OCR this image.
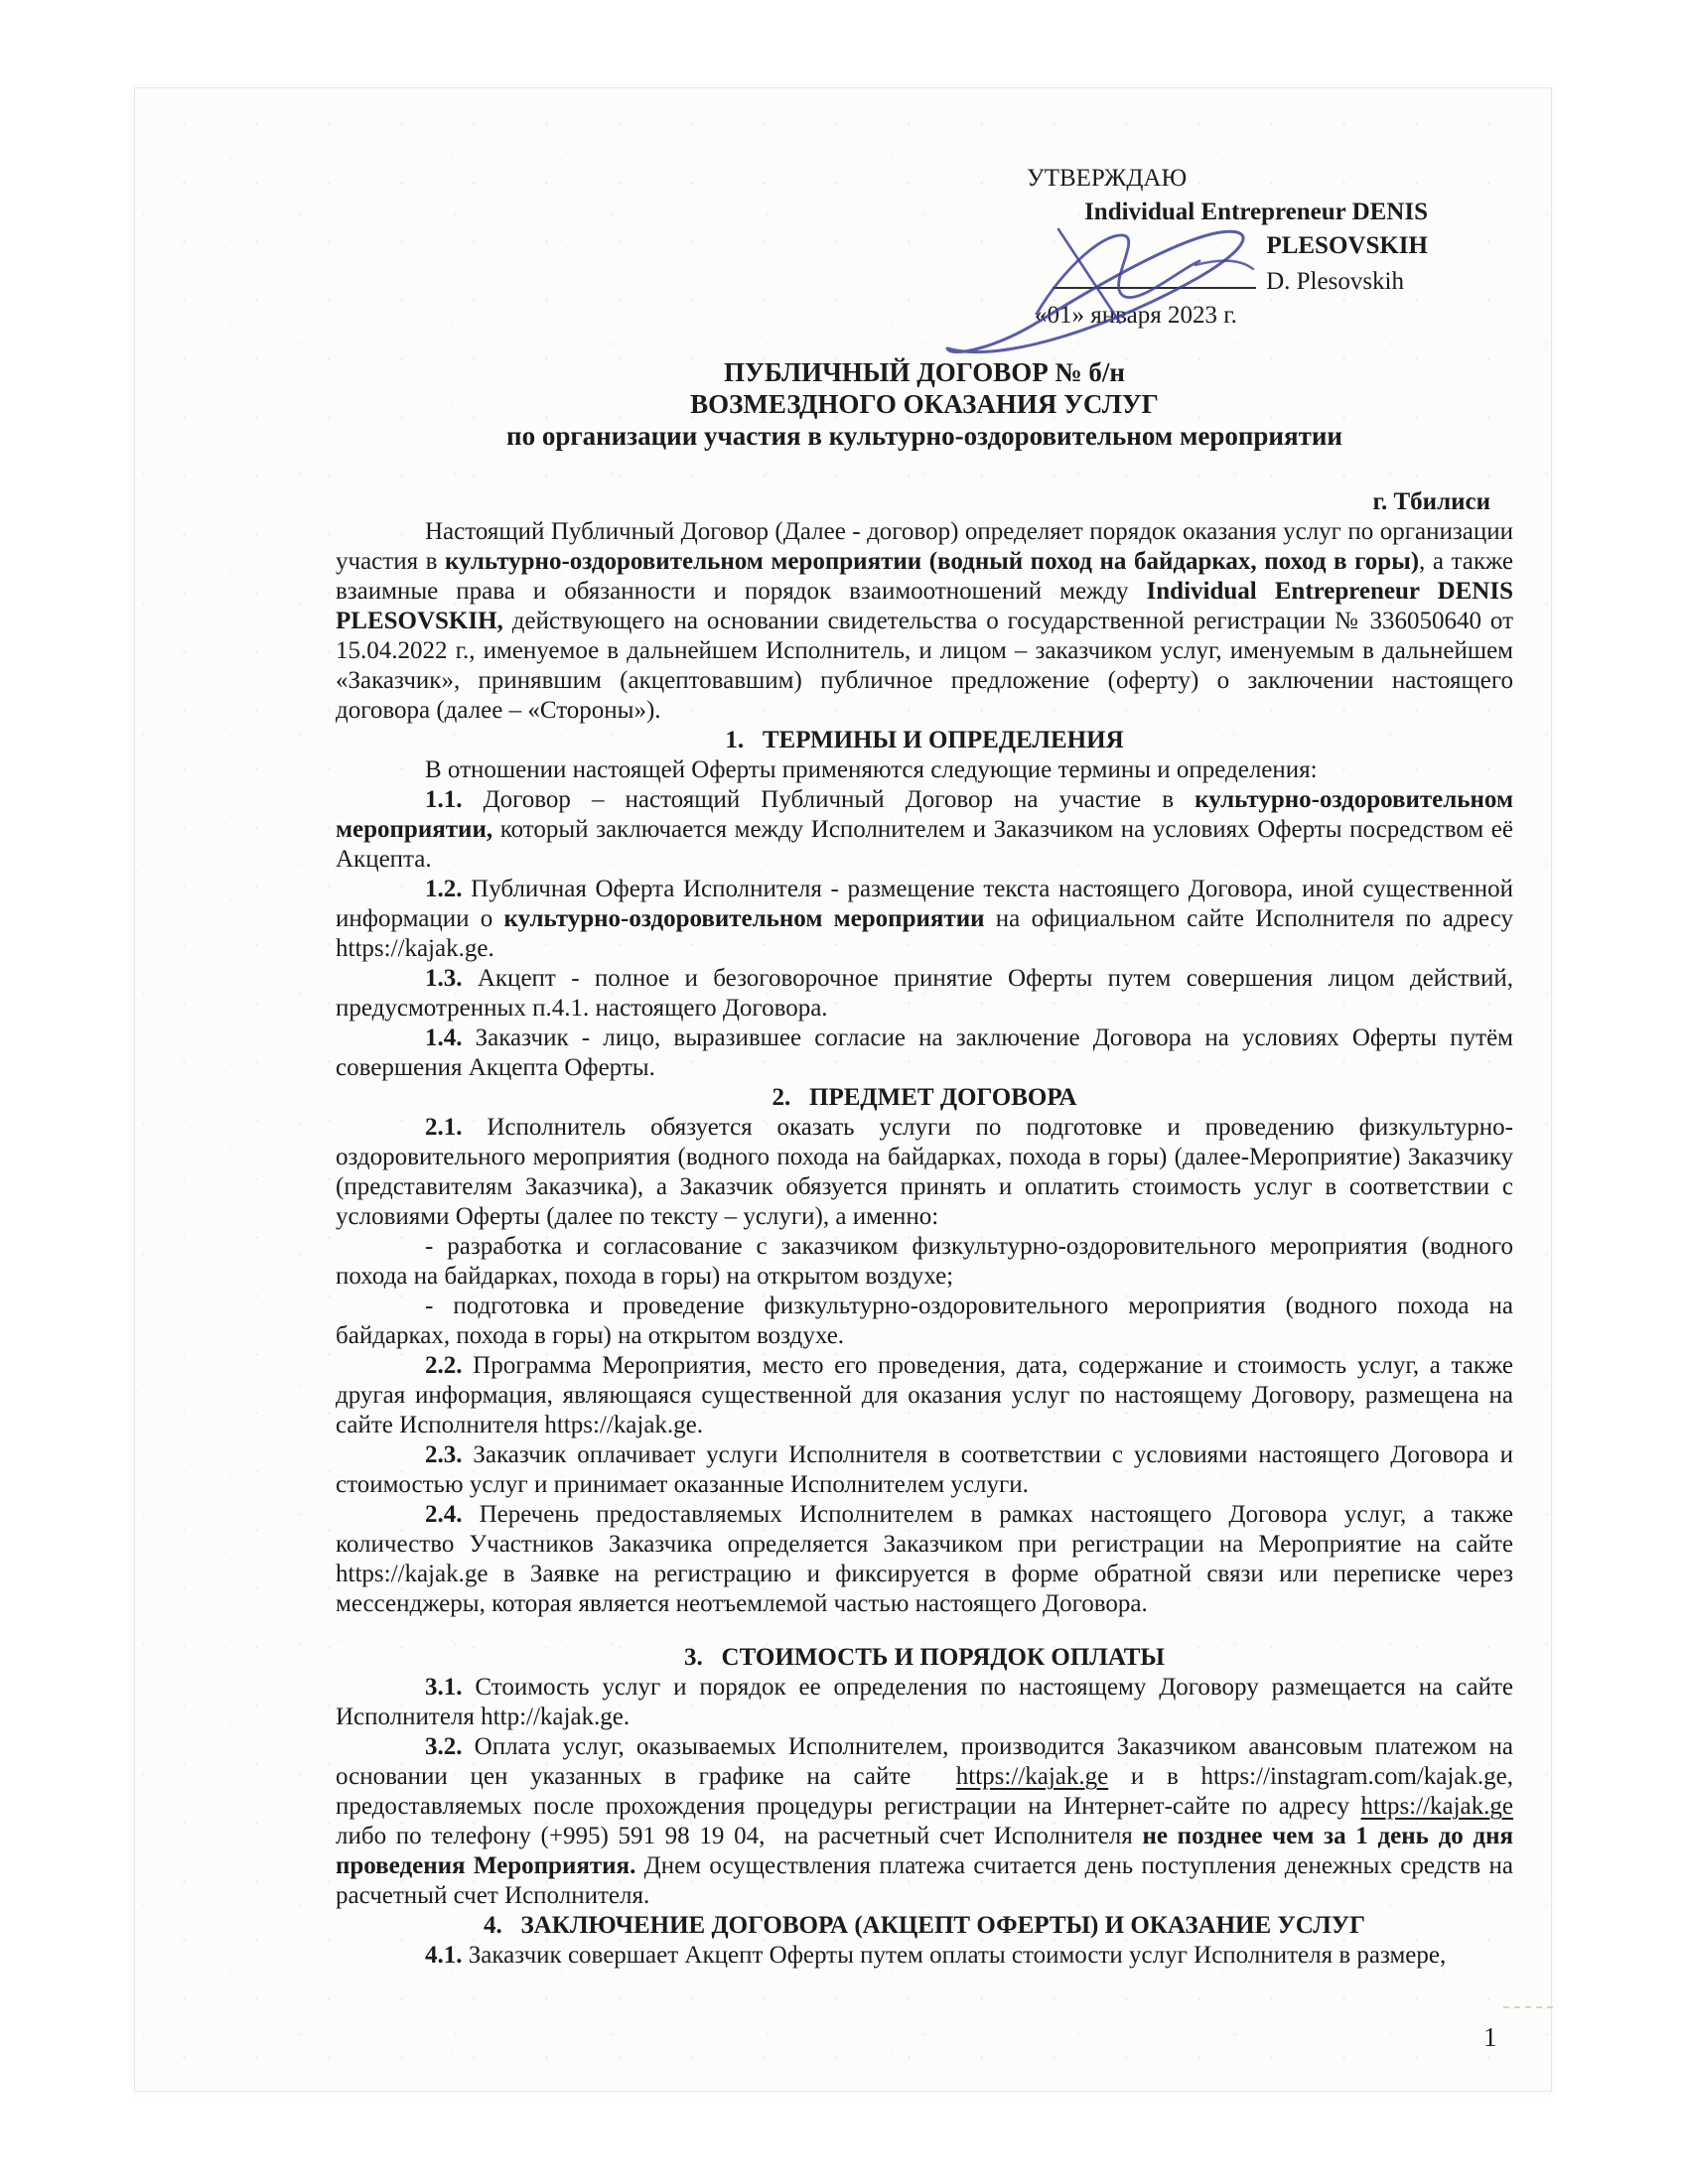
УТВЕРЖДАЮ
Individual Entrepreneur DENIS
PLESOVSKIH
D. Plesovskih
«01» января 2023 г.
ПУБЛИЧНЫЙ ДОГОВОР № б/н
ВОЗМЕЗДНОГО ОКАЗАНИЯ УСЛУГ
по организации участия в культурно-оздоровительном мероприятии
г. Тбилиси
Настоящий Публичный Договор (Далее - договор) определяет порядок оказания услуг по организации участия в культурно-оздоровительном мероприятии (водный поход на байдарках, поход в горы), а также взаимные права и обязанности и порядок взаимоотношений между Individual Entrepreneur DENIS PLESOVSKIH, действующего на основании свидетельства о государственной регистрации № 336050640 от 15.04.2022 г., именуемое в дальнейшем Исполнитель, и лицом – заказчиком услуг, именуемым в дальнейшем «Заказчик», принявшим (акцептовавшим) публичное предложение (оферту) о заключении настоящего договора (далее – «Стороны»).
1.   ТЕРМИНЫ И ОПРЕДЕЛЕНИЯ
В отношении настоящей Оферты применяются следующие термины и определения:
1.1. Договор – настоящий Публичный Договор на участие в культурно-оздоровительном мероприятии, который заключается между Исполнителем и Заказчиком на условиях Оферты посредством её Акцепта.
1.2. Публичная Оферта Исполнителя - размещение текста настоящего Договора, иной существенной информации о культурно-оздоровительном мероприятии на официальном сайте Исполнителя по адресу https://kajak.ge.
1.3. Акцепт - полное и безоговорочное принятие Оферты путем совершения лицом действий, предусмотренных п.4.1. настоящего Договора.
1.4. Заказчик - лицо, выразившее согласие на заключение Договора на условиях Оферты путём совершения Акцепта Оферты.
2.   ПРЕДМЕТ ДОГОВОРА
2.1. Исполнитель обязуется оказать услуги по подготовке и проведению физкультурно-оздоровительного мероприятия (водного похода на байдарках, похода в горы) (далее-Мероприятие) Заказчику (представителям Заказчика), а Заказчик обязуется принять и оплатить стоимость услуг в соответствии с условиями Оферты (далее по тексту – услуги), а именно:
- разработка и согласование с заказчиком физкультурно-оздоровительного мероприятия (водного похода на байдарках, похода в горы) на открытом воздухе;
- подготовка и проведение физкультурно-оздоровительного мероприятия (водного похода на байдарках, похода в горы) на открытом воздухе.
2.2. Программа Мероприятия, место его проведения, дата, содержание и стоимость услуг, а также другая информация, являющаяся существенной для оказания услуг по настоящему Договору, размещена на сайте Исполнителя https://kajak.ge.
2.3. Заказчик оплачивает услуги Исполнителя в соответствии с условиями настоящего Договора и стоимостью услуг и принимает оказанные Исполнителем услуги.
2.4. Перечень предоставляемых Исполнителем в рамках настоящего Договора услуг, а также количество Участников Заказчика определяется Заказчиком при регистрации на Мероприятие на сайте https://kajak.ge в Заявке на регистрацию и фиксируется в форме обратной связи или переписке через мессенджеры, которая является неотъемлемой частью настоящего Договора.
3.   СТОИМОСТЬ И ПОРЯДОК ОПЛАТЫ
3.1. Стоимость услуг и порядок ее определения по настоящему Договору размещается на сайте Исполнителя http://kajak.ge.
3.2. Оплата услуг, оказываемых Исполнителем, производится Заказчиком авансовым платежом на основании цен указанных в графике на сайте  https://kajak.ge и в https://instagram.com/kajak.ge, предоставляемых после прохождения процедуры регистрации на Интернет-сайте по адресу https://kajak.ge либо по телефону (+995) 591 98 19 04,  на расчетный счет Исполнителя не позднее чем за 1 день до дня проведения Мероприятия. Днем осуществления платежа считается день поступления денежных средств на расчетный счет Исполнителя.
4.   ЗАКЛЮЧЕНИЕ ДОГОВОРА (АКЦЕПТ ОФЕРТЫ) И ОКАЗАНИЕ УСЛУГ
4.1. Заказчик совершает Акцепт Оферты путем оплаты стоимости услуг Исполнителя в размере,
1
